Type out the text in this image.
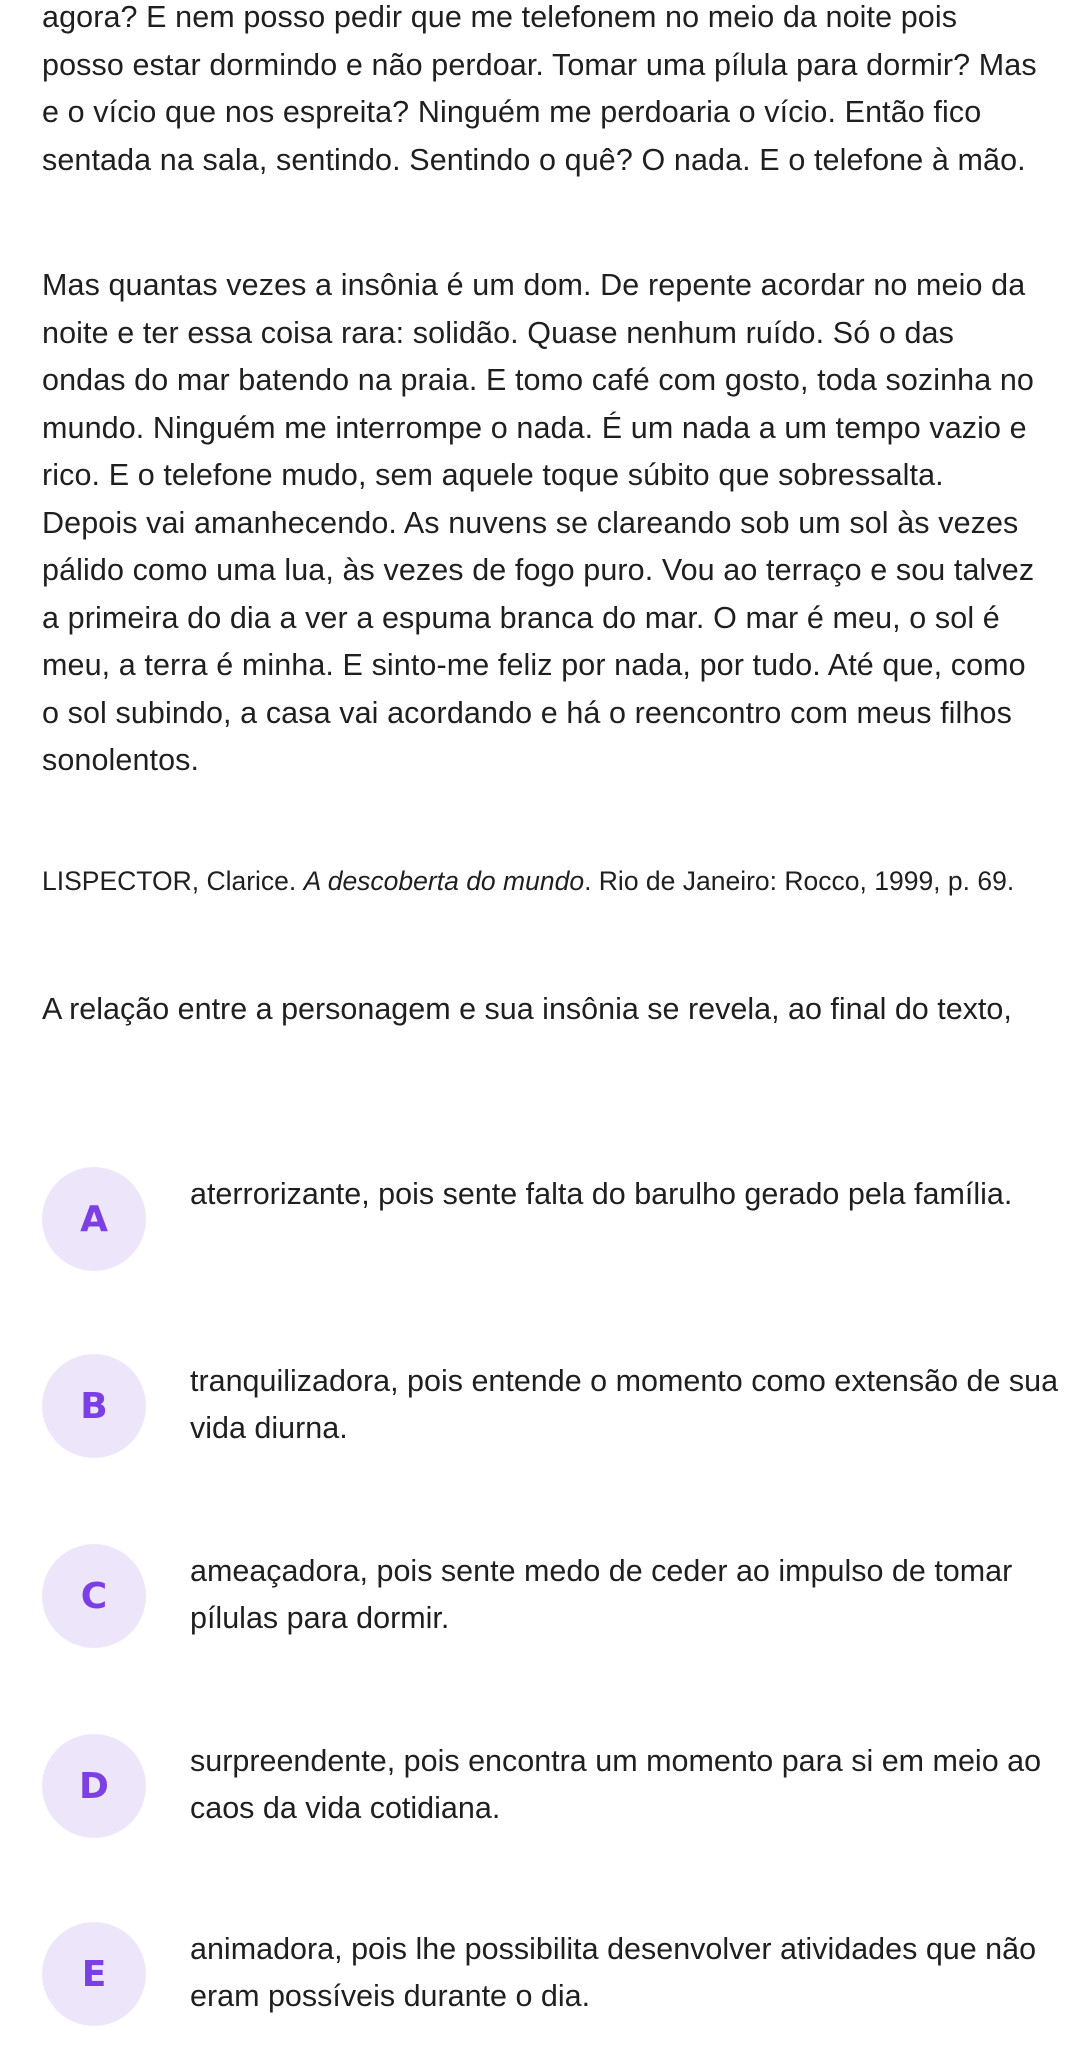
agora? E nem posso pedir que me telefonem no meio da noite pois posso estar dormindo e não perdoar. Tomar uma pílula para dormir? Mas e o vício que nos espreita? Ninguém me perdoaria o vício. Então fico sentada na sala, sentindo. Sentindo o quê? O nada. E o telefone à mão.

Mas quantas vezes a insônia é um dom. De repente acordar no meio da noite e ter essa coisa rara: solidão. Quase nenhum ruído. Só o das ondas do mar batendo na praia. E tomo café com gosto, toda sozinha no mundo. Ninguém me interrompe o nada. É um nada a um tempo vazio e rico. E o telefone mudo, sem aquele toque súbito que sobressalta. Depois vai amanhecendo. As nuvens se clareando sob um sol às vezes pálido como uma lua, às vezes de fogo puro. Vou ao terraço e sou talvez a primeira do dia a ver a espuma branca do mar. O mar é meu, o sol é meu, a terra é minha. E sinto-me feliz por nada, por tudo. Até que, como o sol subindo, a casa vai acordando e há o reencontro com meus filhos sonolentos.

LISPECTOR, Clarice. A descoberta do mundo. Rio de Janeiro: Rocco, 1999, p. 69.
A relação entre a personagem e sua insônia se revela, ao final do texto,
A
aterrorizante, pois sente falta do barulho gerado pela família.
B
tranquilizadora, pois entende o momento como extensão de sua vida diurna.
C
ameaçadora, pois sente medo de ceder ao impulso de tomar pílulas para dormir.
D
surpreendente, pois encontra um momento para si em meio ao caos da vida cotidiana.
E
animadora, pois lhe possibilita desenvolver atividades que não eram possíveis durante o dia.
